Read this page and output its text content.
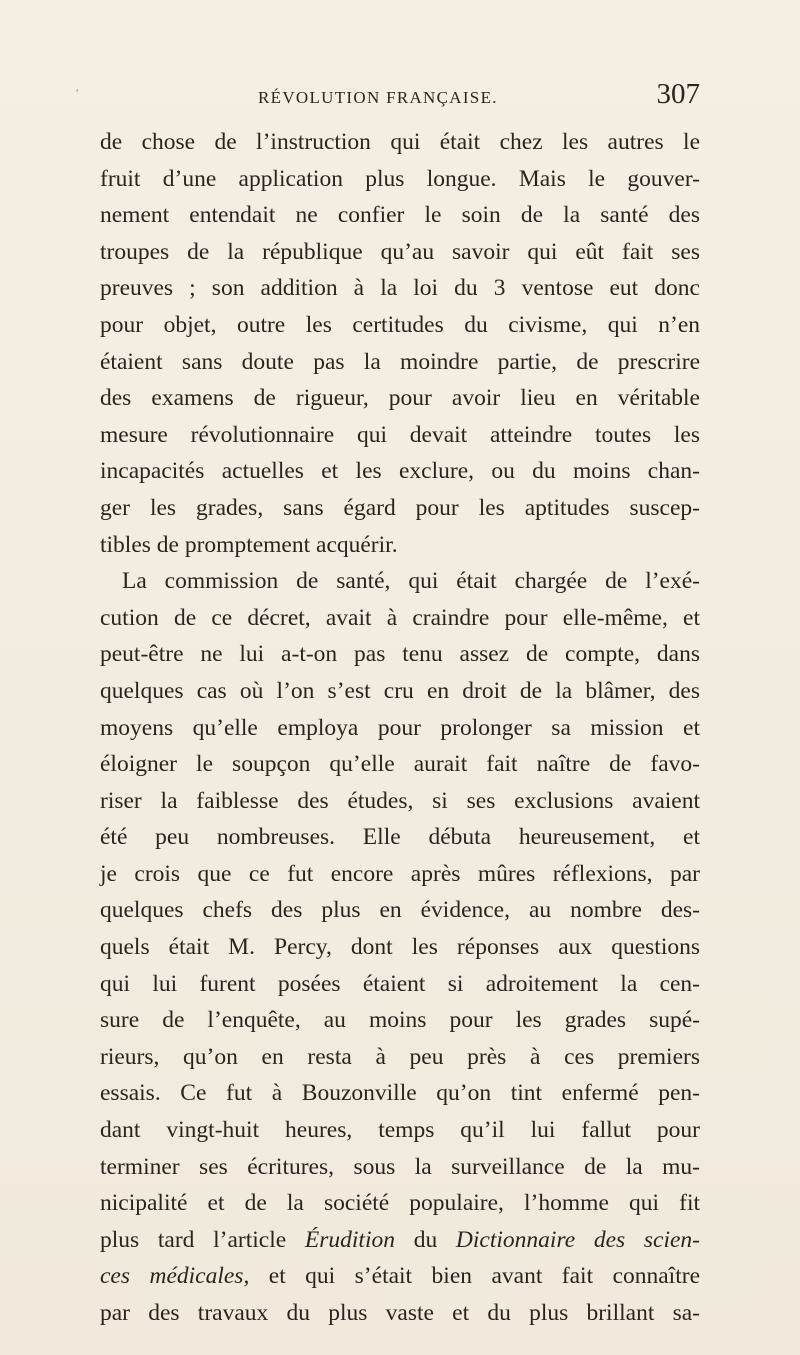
RÉVOLUTION FRANÇAISE.	307
ʹ
de chose de l’instruction qui était chez les autres le
fruit d’une application plus longue. Mais le gouver-
nement entendait ne confier le soin de la santé des
troupes de la république qu’au savoir qui eût fait ses
preuves ; son addition à la loi du 3 ventose eut donc
pour objet, outre les certitudes du civisme, qui n’en
étaient sans doute pas la moindre partie, de prescrire
des examens de rigueur, pour avoir lieu en véritable
mesure révolutionnaire qui devait atteindre toutes les
incapacités actuelles et les exclure, ou du moins chan-
ger les grades, sans égard pour les aptitudes suscep-
tibles de promptement acquérir.
La commission de santé, qui était chargée de l’exé-
cution de ce décret, avait à craindre pour elle-même, et
peut-être ne lui a-t-on pas tenu assez de compte, dans
quelques cas où l’on s’est cru en droit de la blâmer, des
moyens qu’elle employa pour prolonger sa mission et
éloigner le soupçon qu’elle aurait fait naître de favo-
riser la faiblesse des études, si ses exclusions avaient
été peu nombreuses. Elle débuta heureusement, et
je crois que ce fut encore après mûres réflexions, par
quelques chefs des plus en évidence, au nombre des-
quels était M. Percy, dont les réponses aux questions
qui lui furent posées étaient si adroitement la cen-
sure de l’enquête, au moins pour les grades supé-
rieurs, qu’on en resta à peu près à ces premiers
essais. Ce fut à Bouzonville qu’on tint enfermé pen-
dant vingt-huit heures, temps qu’il lui fallut pour
terminer ses écritures, sous la surveillance de la mu-
nicipalité et de la société populaire, l’homme qui fit
plus tard l’article Érudition du Dictionnaire des scien-
ces médicales, et qui s’était bien avant fait connaître
par des travaux du plus vaste et du plus brillant sa-
